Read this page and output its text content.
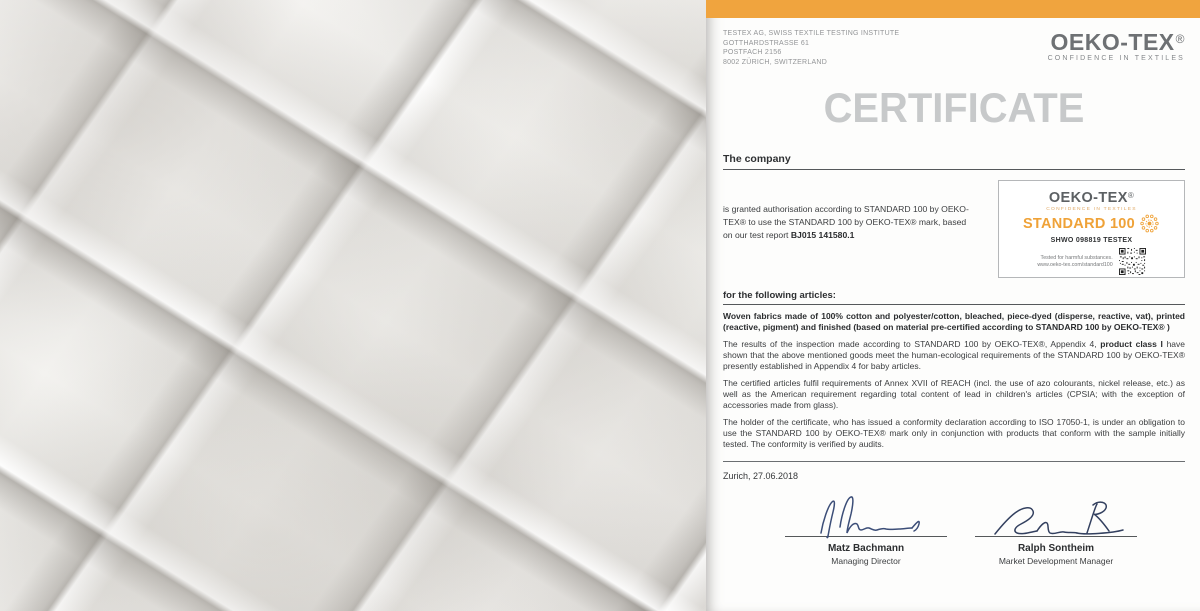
TESTEX AG, SWISS TEXTILE TESTING INSTITUTE
GOTTHARDSTRASSE 61
POSTFACH 2156
8002 ZÜRICH, SWITZERLAND
OEKO-TEX®
CONFIDENCE IN TEXTILES
CERTIFICATE
The company

is granted authorisation according to STANDARD 100 by OEKO-TEX® to use the STANDARD 100 by OEKO-TEX® mark, based on our test report BJ015 141580.1

OEKO-TEX®
CONFIDENCE IN TEXTILES
STANDARD 100
SHWO 098819 TESTEX
Tested for harmful substances.
www.oeko-tex.com/standard100
for the following articles:

Woven fabrics made of 100% cotton and polyester/cotton, bleached, piece-dyed (disperse, reactive, vat), printed (reactive, pigment) and finished (based on material pre-certified according to STANDARD 100 by OEKO-TEX® )

The results of the inspection made according to STANDARD 100 by OEKO-TEX®, Appendix 4, product class I have shown that the above mentioned goods meet the human-ecological requirements of the STANDARD 100 by OEKO-TEX® presently established in Appendix 4 for baby articles.

The certified articles fulfil requirements of Annex XVII of REACH (incl. the use of azo colourants, nickel release, etc.) as well as the American requirement regarding total content of lead in children's articles (CPSIA; with the exception of accessories made from glass).

The holder of the certificate, who has issued a conformity declaration according to ISO 17050-1, is under an obligation to use the STANDARD 100 by OEKO-TEX® mark only in conjunction with products that conform with the sample initially tested. The conformity is verified by audits.

Zurich, 27.06.2018
Matz Bachmann
Managing Director
Ralph Sontheim
Market Development Manager
